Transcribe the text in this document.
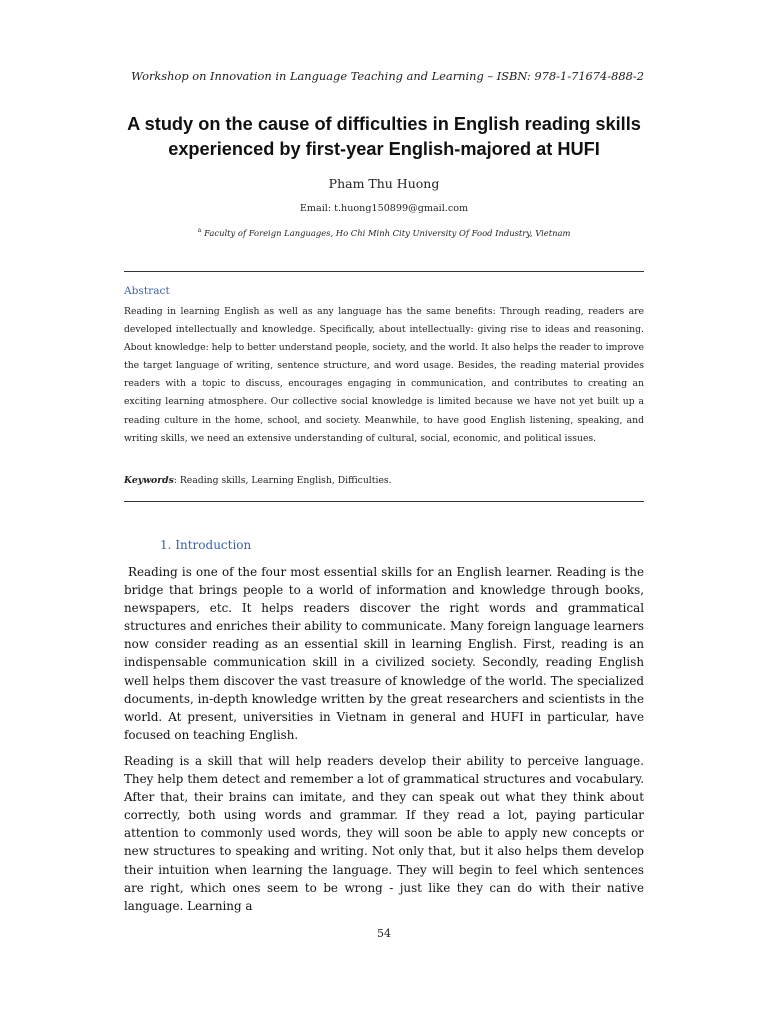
Workshop on Innovation in Language Teaching and Learning – ISBN: 978-1-71674-888-2
A study on the cause of difficulties in English reading skills experienced by first-year English-majored at HUFI
Pham Thu Huong
Email: t.huong150899@gmail.com
$^a$ Faculty of Foreign Languages, Ho Chi Minh City University Of Food Industry, Vietnam
Abstract
Reading in learning English as well as any language has the same benefits: Through reading, readers are developed intellectually and knowledge. Specifically, about intellectually: giving rise to ideas and reasoning. About knowledge: help to better understand people, society, and the world. It also helps the reader to improve the target language of writing, sentence structure, and word usage. Besides, the reading material provides readers with a topic to discuss, encourages engaging in communication, and contributes to creating an exciting learning atmosphere. Our collective social knowledge is limited because we have not yet built up a reading culture in the home, school, and society. Meanwhile, to have good English listening, speaking, and writing skills, we need an extensive understanding of cultural, social, economic, and political issues.
Keywords: Reading skills, Learning English, Difficulties.
1. Introduction
Reading is one of the four most essential skills for an English learner. Reading is the bridge that brings people to a world of information and knowledge through books, newspapers, etc. It helps readers discover the right words and grammatical structures and enriches their ability to communicate. Many foreign language learners now consider reading as an essential skill in learning English. First, reading is an indispensable communication skill in a civilized society. Secondly, reading English well helps them discover the vast treasure of knowledge of the world. The specialized documents, in-depth knowledge written by the great researchers and scientists in the world. At present, universities in Vietnam in general and HUFI in particular, have focused on teaching English.
Reading is a skill that will help readers develop their ability to perceive language. They help them detect and remember a lot of grammatical structures and vocabulary. After that, their brains can imitate, and they can speak out what they think about correctly, both using words and grammar. If they read a lot, paying particular attention to commonly used words, they will soon be able to apply new concepts or new structures to speaking and writing. Not only that, but it also helps them develop their intuition when learning the language. They will begin to feel which sentences are right, which ones seem to be wrong - just like they can do with their native language. Learning a
54
